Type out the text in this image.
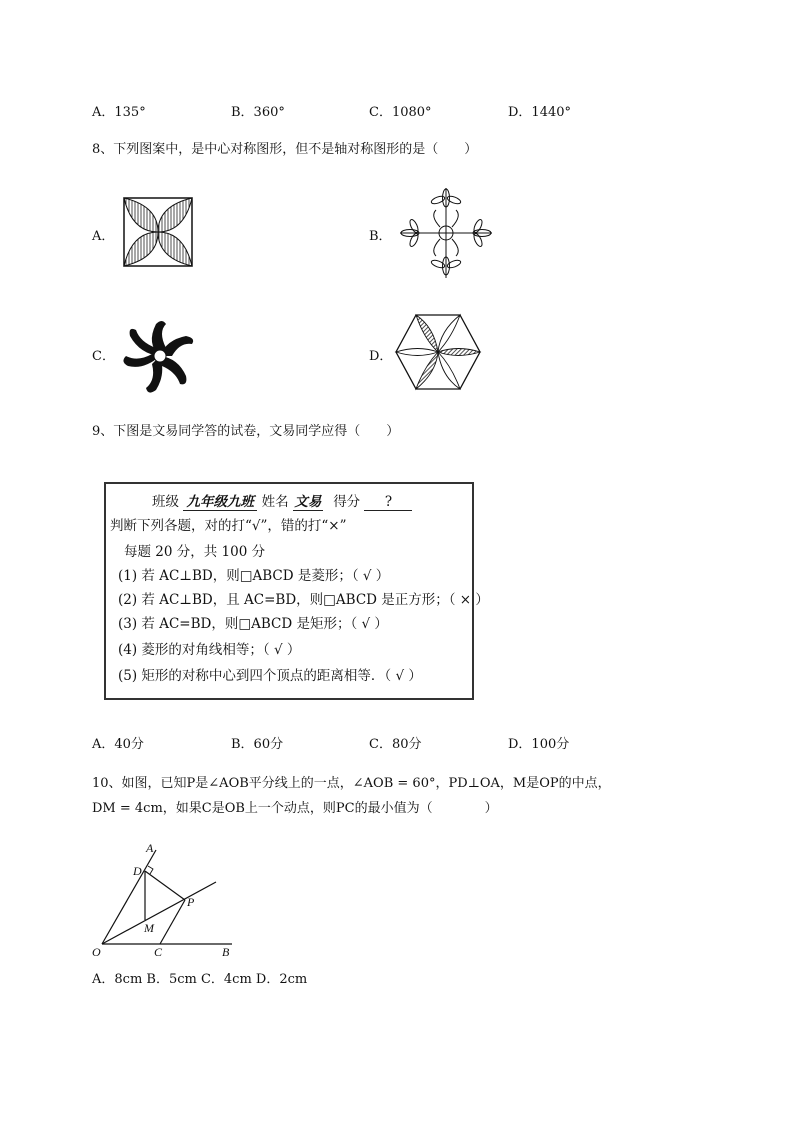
A．135°	B．360°	C．1080°	D．1440°
8、下列图案中，是中心对称图形，但不是轴对称图形的是（　　）
A．	B．
C．	D．
9、下图是文易同学答的试卷，文易同学应得（　　）
班级 九年级九班 姓名 文易 得分 ?
判断下列各题，对的打“√”，错的打“×”
每题 20 分，共 100 分
(1) 若 AC⊥BD，则□ABCD 是菱形；（ √ ）
(2) 若 AC⊥BD，且 AC=BD，则□ABCD 是正方形；（ × ）
(3) 若 AC=BD，则□ABCD 是矩形；（ √ ）
(4) 菱形的对角线相等；（ √ ）
(5) 矩形的对称中心到四个顶点的距离相等．（ √ ）
A．40分	B．60分	C．80分	D．100分
10、如图，已知P是∠AOB平分线上的一点，∠AOB = 60°，PD⊥OA，M是OP的中点，
DM = 4cm，如果C是OB上一个动点，则PC的最小值为（　　　　）
A
D
P
M
O	C	B
A．8cm B．5cm C．4cm D．2cm
